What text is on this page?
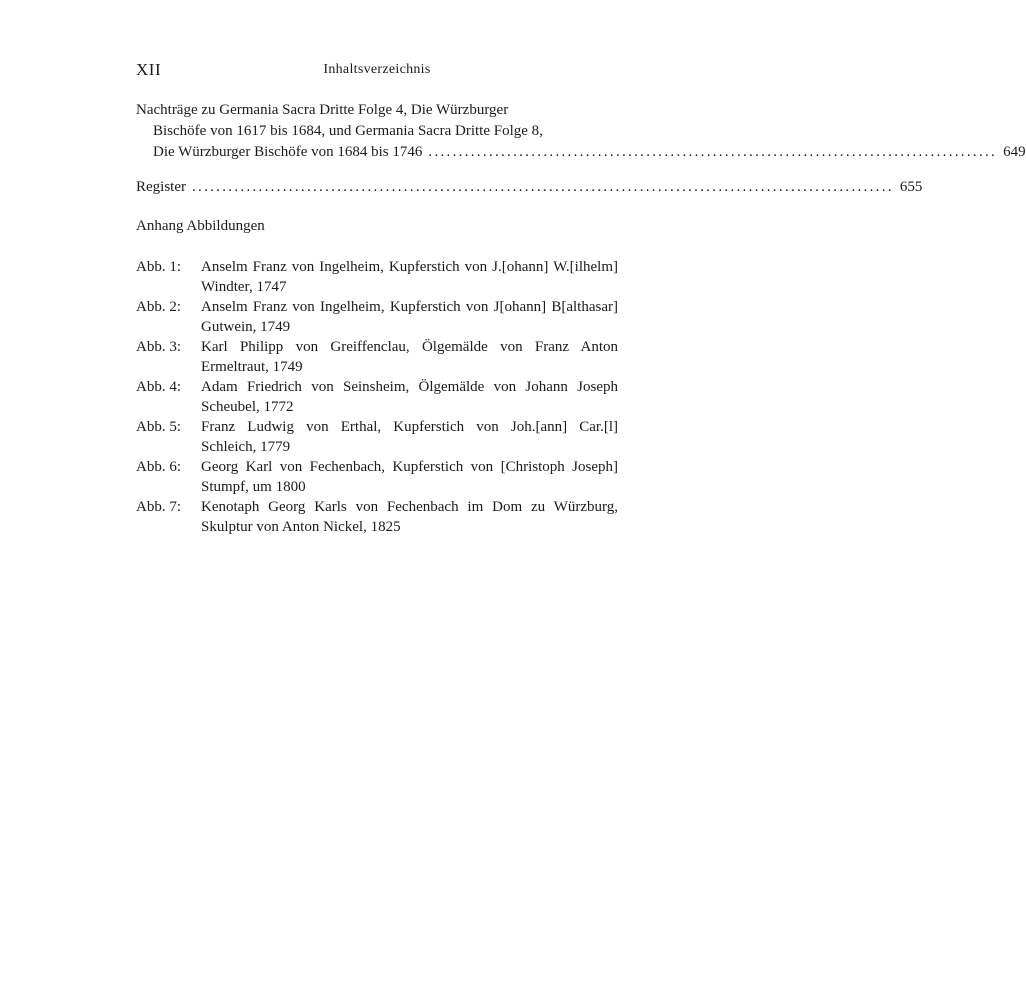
XII	Inhaltsverzeichnis
Nachträge zu Germania Sacra Dritte Folge 4, Die Würzburger
Bischöfe von 1617 bis 1684, und Germania Sacra Dritte Folge 8,
Die Würzburger Bischöfe von 1684 bis 1746 .............................................................................................. 649
Register .................................................................................................................... 655
Anhang Abbildungen
Abb. 1:	Anselm Franz von Ingelheim, Kupferstich von J.[ohann] W.[ilhelm] Windter, 1747
Abb. 2:	Anselm Franz von Ingelheim, Kupferstich von J[ohann] B[althasar] Gutwein, 1749
Abb. 3:	Karl Philipp von Greiffenclau, Ölgemälde von Franz Anton Ermeltraut, 1749
Abb. 4:	Adam Friedrich von Seinsheim, Ölgemälde von Johann Joseph Scheubel, 1772
Abb. 5:	Franz Ludwig von Erthal, Kupferstich von Joh.[ann] Car.[l] Schleich, 1779
Abb. 6:	Georg Karl von Fechenbach, Kupferstich von [Christoph Joseph] Stumpf, um 1800
Abb. 7:	Kenotaph Georg Karls von Fechenbach im Dom zu Würzburg, Skulptur von Anton Nickel, 1825
